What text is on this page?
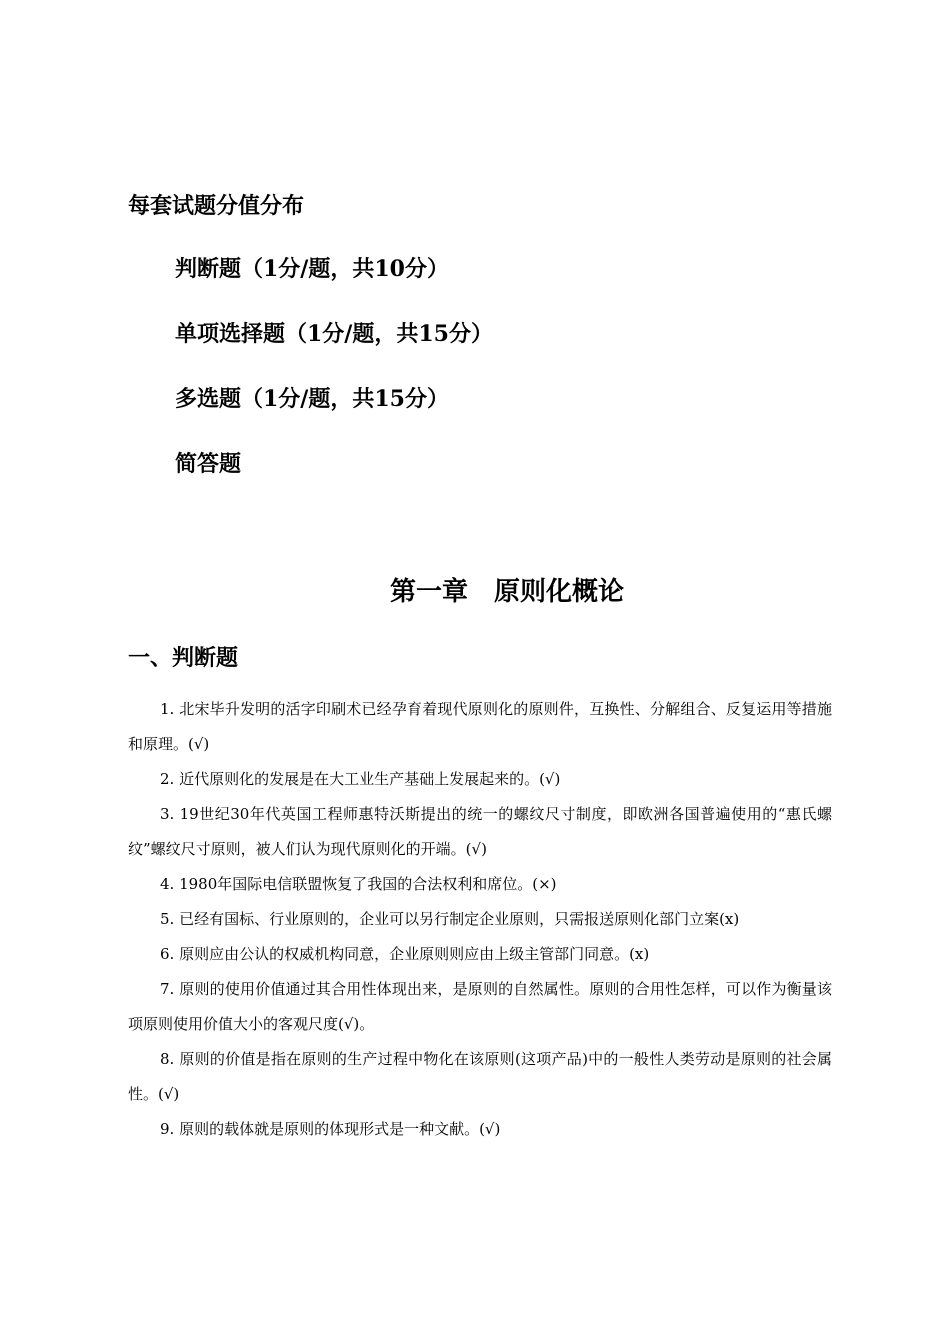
每套试题分值分布
判断题（1分/题，共10分）
单项选择题（1分/题，共15分）
多选题（1分/题，共15分）
简答题
第一章　原则化概论
一、判断题

1. 北宋毕升发明的活字印刷术已经孕育着现代原则化的原则件，互换性、分解组合、反复运用等措施和原理。(√)

2. 近代原则化的发展是在大工业生产基础上发展起来的。(√)

3. 19世纪30年代英国工程师惠特沃斯提出的统一的螺纹尺寸制度，即欧洲各国普遍使用的“惠氏螺纹”螺纹尺寸原则，被人们认为现代原则化的开端。(√)

4. 1980年国际电信联盟恢复了我国的合法权利和席位。(×)

5. 已经有国标、行业原则的，企业可以另行制定企业原则，只需报送原则化部门立案(x)

6. 原则应由公认的权威机构同意，企业原则则应由上级主管部门同意。(x)

7. 原则的使用价值通过其合用性体现出来，是原则的自然属性。原则的合用性怎样，可以作为衡量该项原则使用价值大小的客观尺度(√)。

8. 原则的价值是指在原则的生产过程中物化在该原则(这项产品)中的一般性人类劳动是原则的社会属性。(√)

9. 原则的载体就是原则的体现形式是一种文献。(√)
